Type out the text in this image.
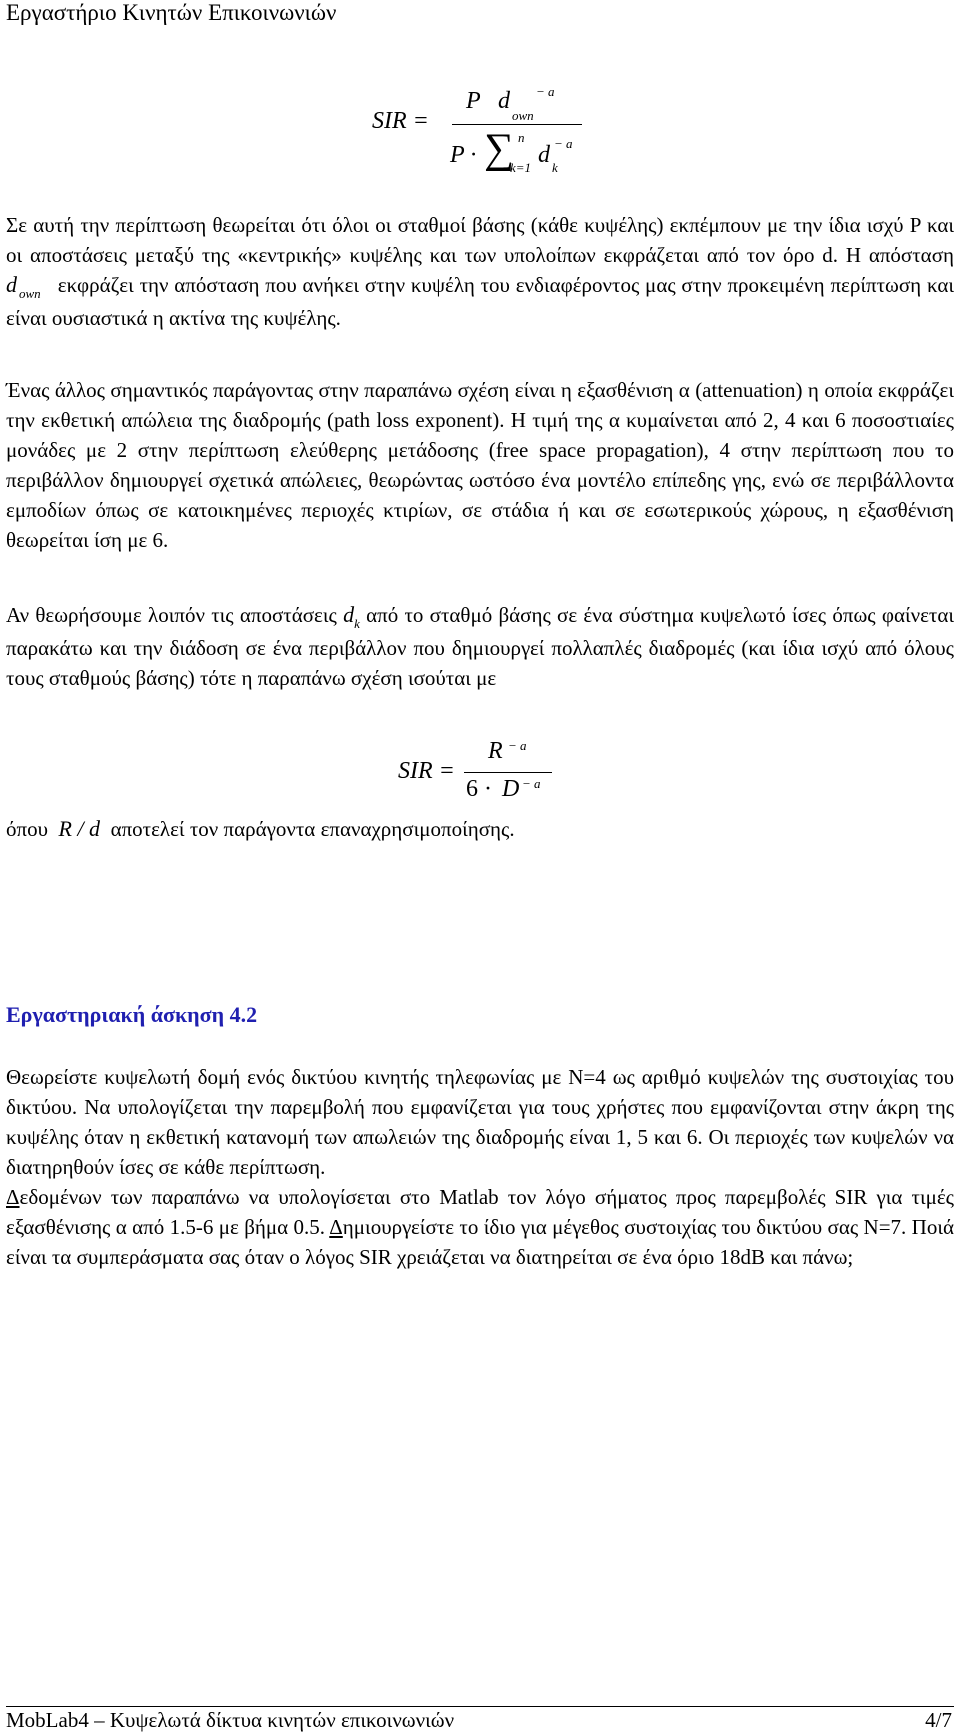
Εργαστήριο Κινητών Επικοινωνιών
SIR =
P d
own
− a
P · ∑ n
k=1 d k
− a

Σε αυτή την περίπτωση θεωρείται ότι όλοι οι σταθμοί βάσης (κάθε κυψέλης) εκπέμπουν με την ίδια ισχύ P και οι αποστάσεις μεταξύ της «κεντρικής» κυψέλης και των υπολοίπων εκφράζεται από τον όρο d. Η απόσταση d $_{own}$ εκφράζει την απόσταση που ανήκει στην κυψέλη του ενδιαφέροντος μας στην προκειμένη περίπτωση και είναι ουσιαστικά η ακτίνα της κυψέλης.

Ένας άλλος σημαντικός παράγοντας στην παραπάνω σχέση είναι η εξασθένιση α (attenuation) η οποία εκφράζει την εκθετική απώλεια της διαδρομής (path loss exponent). Η τιμή της α κυμαίνεται από 2, 4 και 6 ποσοστιαίες μονάδες με 2 στην περίπτωση ελεύθερης μετάδοσης (free space propagation), 4 στην περίπτωση που το περιβάλλον δημιουργεί σχετικά απώλειες, θεωρώντας ωστόσο ένα μοντέλο επίπεδης γης, ενώ σε περιβάλλοντα εμποδίων όπως σε κατοικημένες περιοχές κτιρίων, σε στάδια ή και σε εσωτερικούς χώρους, η εξασθένιση θεωρείται ίση με 6.

Αν θεωρήσουμε λοιπόν τις αποστάσεις $d_k$ από το σταθμό βάσης σε ένα σύστημα κυψελωτό ίσες όπως φαίνεται παρακάτω και την διάδοση σε ένα περιβάλλον που δημιουργεί πολλαπλές διαδρομές (και ίδια ισχύ από όλους τους σταθμούς βάσης) τότε η παραπάνω σχέση ισούται με

SIR =
R − a
6 · D − a

όπου R / d αποτελεί τον παράγοντα επαναχρησιμοποίησης.

Εργαστηριακή άσκηση 4.2

Θεωρείστε κυψελωτή δομή ενός δικτύου κινητής τηλεφωνίας με N=4 ως αριθμό κυψελών της συστοιχίας του δικτύου. Να υπολογίζεται την παρεμβολή που εμφανίζεται για τους χρήστες που εμφανίζονται στην άκρη της κυψέλης όταν η εκθετική κατανομή των απωλειών της διαδρομής είναι 1, 5 και 6. Οι περιοχές των κυψελών να διατηρηθούν ίσες σε κάθε περίπτωση.

Δεδομένων των παραπάνω να υπολογίσεται στο Matlab τον λόγο σήματος προς παρεμβολές SIR για τιμές εξασθένισης α από 1.5-6 με βήμα 0.5. Δημιουργείστε το ίδιο για μέγεθος συστοιχίας του δικτύου σας N=7. Ποιά είναι τα συμπεράσματα σας όταν ο λόγος SIR χρειάζεται να διατηρείται σε ένα όριο 18dB και πάνω;

MobLab4 – Κυψελωτά δίκτυα κινητών επικοινωνιών	4/7
